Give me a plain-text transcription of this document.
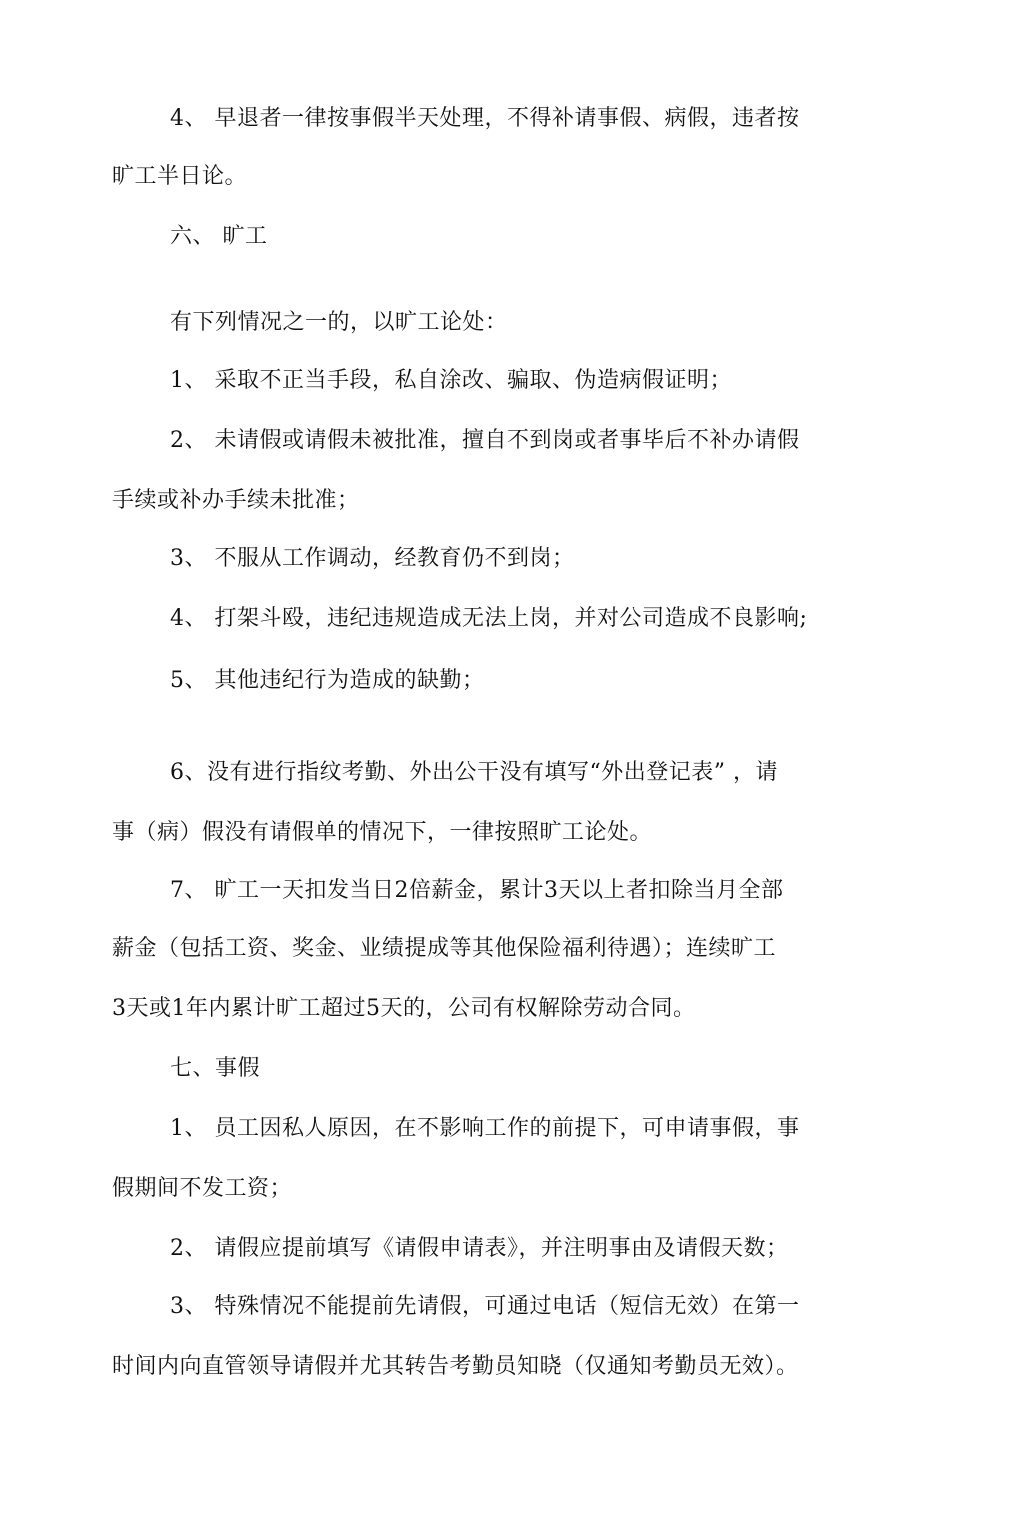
4、 早退者一律按事假半天处理，不得补请事假、病假，违者按
旷工半日论。
六、 旷工
有下列情况之一的，以旷工论处：
1、 采取不正当手段，私自涂改、骗取、伪造病假证明；
2、 未请假或请假未被批准，擅自不到岗或者事毕后不补办请假
手续或补办手续未批准；
3、 不服从工作调动，经教育仍不到岗；
4、 打架斗殴，违纪违规造成无法上岗，并对公司造成不良影响;
5、 其他违纪行为造成的缺勤；
6、没有进行指纹考勤、外出公干没有填写“外出登记表” ，请
事（病）假没有请假单的情况下，一律按照旷工论处。
7、 旷工一天扣发当日2倍薪金，累计3天以上者扣除当月全部
薪金（包括工资、奖金、业绩提成等其他保险福利待遇）；连续旷工
3天或1年内累计旷工超过5天的，公司有权解除劳动合同。
七、事假
1、 员工因私人原因，在不影响工作的前提下，可申请事假，事
假期间不发工资；
2、 请假应提前填写《请假申请表》，并注明事由及请假天数；
3、 特殊情况不能提前先请假，可通过电话（短信无效）在第一
时间内向直管领导请假并尤其转告考勤员知晓（仅通知考勤员无效）。
